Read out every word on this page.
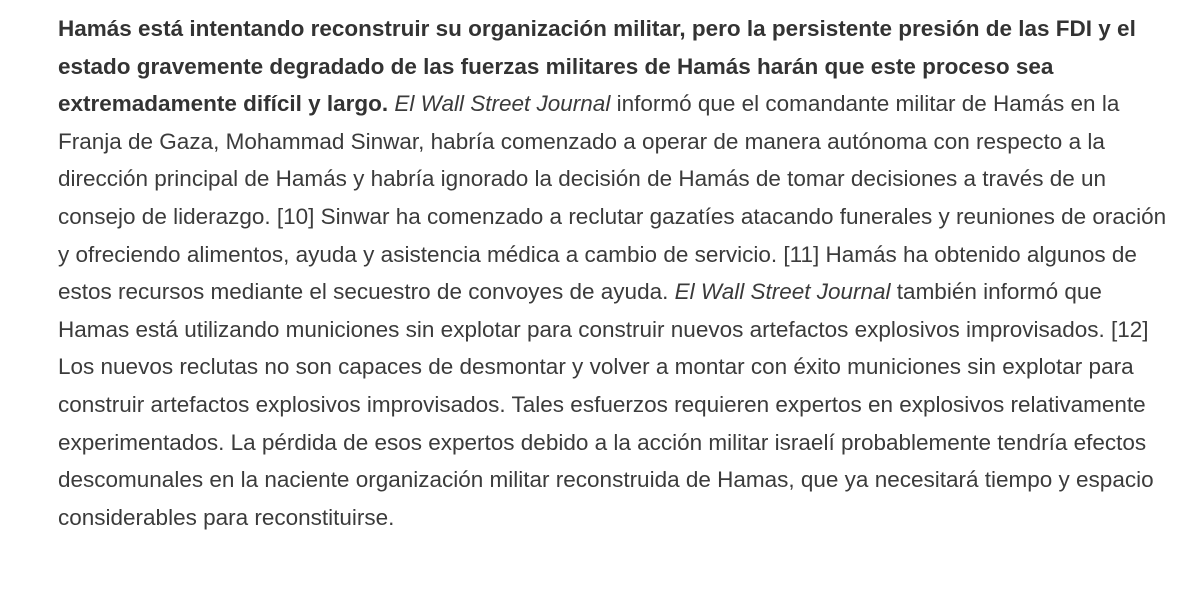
Hamás está intentando reconstruir su organización militar, pero la persistente presión de las FDI y el estado gravemente degradado de las fuerzas militares de Hamás harán que este proceso sea extremadamente difícil y largo. El Wall Street Journal informó que el comandante militar de Hamás en la Franja de Gaza, Mohammad Sinwar, habría comenzado a operar de manera autónoma con respecto a la dirección principal de Hamás y habría ignorado la decisión de Hamás de tomar decisiones a través de un consejo de liderazgo. [10] Sinwar ha comenzado a reclutar gazatíes atacando funerales y reuniones de oración y ofreciendo alimentos, ayuda y asistencia médica a cambio de servicio. [11] Hamás ha obtenido algunos de estos recursos mediante el secuestro de convoyes de ayuda. El Wall Street Journal también informó que Hamas está utilizando municiones sin explotar para construir nuevos artefactos explosivos improvisados. [12] Los nuevos reclutas no son capaces de desmontar y volver a montar con éxito municiones sin explotar para construir artefactos explosivos improvisados. Tales esfuerzos requieren expertos en explosivos relativamente experimentados. La pérdida de esos expertos debido a la acción militar israelí probablemente tendría efectos descomunales en la naciente organización militar reconstruida de Hamas, que ya necesitará tiempo y espacio considerables para reconstituirse.
